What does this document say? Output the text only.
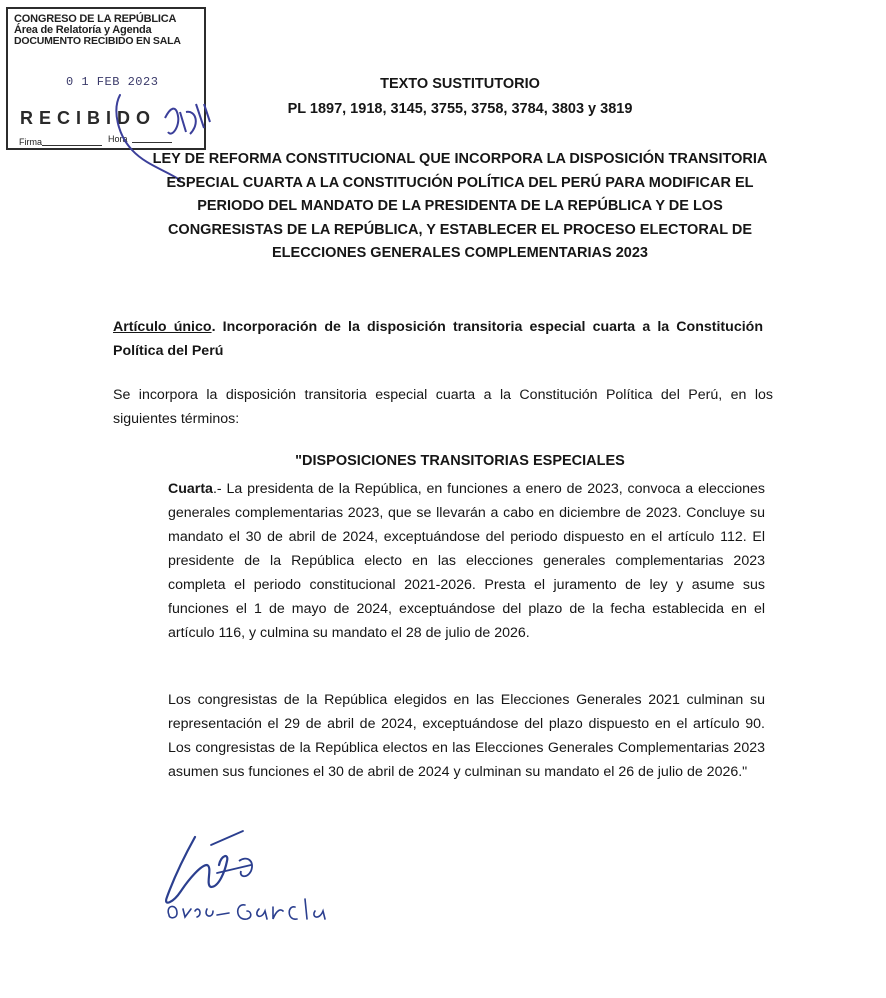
CONGRESO DE LA REPÚBLICA
Área de Relatoría y Agenda
DOCUMENTO RECIBIDO EN SALA
0 1 FEB 2023
RECIBIDO
Firma	Hora
TEXTO SUSTITUTORIO
PL 1897, 1918, 3145, 3755, 3758, 3784, 3803 y 3819
LEY DE REFORMA CONSTITUCIONAL QUE INCORPORA LA DISPOSICIÓN TRANSITORIA ESPECIAL CUARTA A LA CONSTITUCIÓN POLÍTICA DEL PERÚ PARA MODIFICAR EL PERIODO DEL MANDATO DE LA PRESIDENTA DE LA REPÚBLICA Y DE LOS CONGRESISTAS DE LA REPÚBLICA, Y ESTABLECER EL PROCESO ELECTORAL DE ELECCIONES GENERALES COMPLEMENTARIAS 2023
Artículo único. Incorporación de la disposición transitoria especial cuarta a la Constitución Política del Perú
Se incorpora la disposición transitoria especial cuarta a la Constitución Política del Perú, en los siguientes términos:
"DISPOSICIONES TRANSITORIAS ESPECIALES
Cuarta.- La presidenta de la República, en funciones a enero de 2023, convoca a elecciones generales complementarias 2023, que se llevarán a cabo en diciembre de 2023. Concluye su mandato el 30 de abril de 2024, exceptuándose del periodo dispuesto en el artículo 112. El presidente de la República electo en las elecciones generales complementarias 2023 completa el periodo constitucional 2021-2026. Presta el juramento de ley y asume sus funciones el 1 de mayo de 2024, exceptuándose del plazo de la fecha establecida en el artículo 116, y culmina su mandato el 28 de julio de 2026.
Los congresistas de la República elegidos en las Elecciones Generales 2021 culminan su representación el 29 de abril de 2024, exceptuándose del plazo dispuesto en el artículo 90. Los congresistas de la República electos en las Elecciones Generales Complementarias 2023 asumen sus funciones el 30 de abril de 2024 y culminan su mandato el 26 de julio de 2026."
